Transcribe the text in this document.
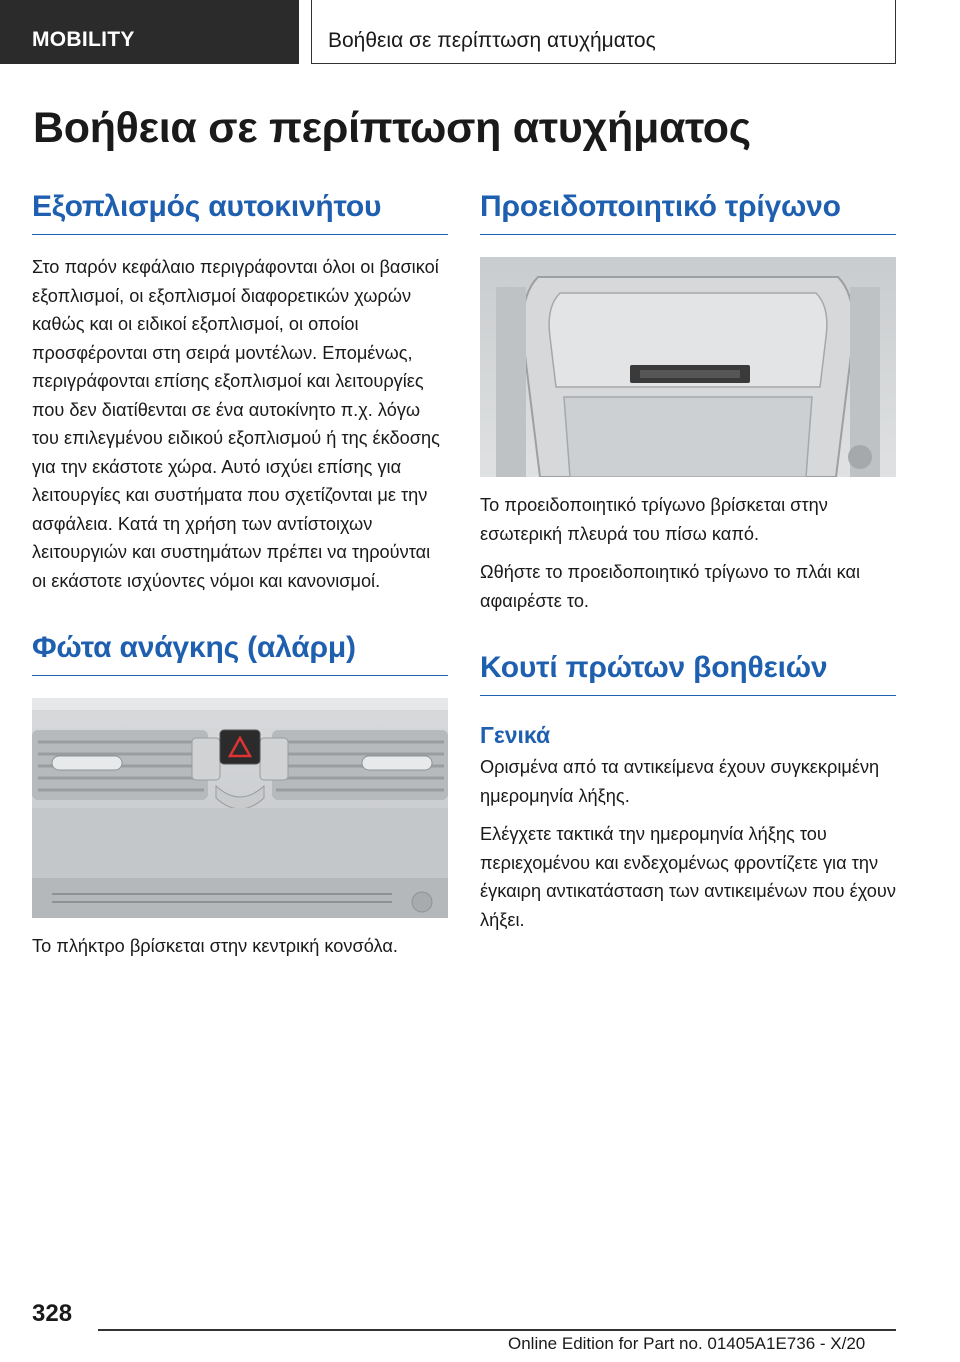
MOBILITY	Βοήθεια σε περίπτωση ατυχήματος
Βοήθεια σε περίπτωση ατυχήματος
Εξοπλισμός αυτοκινήτου

Στο παρόν κεφάλαιο περιγράφονται όλοι οι βασικοί εξοπλισμοί, οι εξοπλισμοί διαφορετικών χωρών καθώς και οι ειδικοί εξοπλισμοί, οι οποίοι προσφέρονται στη σειρά μοντέλων. Επομένως, περιγράφονται επίσης εξοπλισμοί και λειτουργίες που δεν διατίθενται σε ένα αυτοκίνητο π.χ. λόγω του επιλεγμένου ειδικού εξοπλισμού ή της έκδοσης για την εκάστοτε χώρα. Αυτό ισχύει επίσης για λειτουργίες και συστήματα που σχετίζονται με την ασφάλεια. Κατά τη χρήση των αντίστοιχων λειτουργιών και συστημάτων πρέπει να τηρούνται οι εκάστοτε ισχύοντες νόμοι και κανονισμοί.

Φώτα ανάγκης (αλάρμ)

Το πλήκτρο βρίσκεται στην κεντρική κονσόλα.

Προειδοποιητικό τρίγωνο

Το προειδοποιητικό τρίγωνο βρίσκεται στην εσωτερική πλευρά του πίσω καπό.

Ωθήστε το προειδοποιητικό τρίγωνο το πλάι και αφαιρέστε το.

Κουτί πρώτων βοηθειών
Γενικά

Ορισμένα από τα αντικείμενα έχουν συγκεκριμένη ημερομηνία λήξης.

Ελέγχετε τακτικά την ημερομηνία λήξης του περιεχομένου και ενδεχομένως φροντίζετε για την έγκαιρη αντικατάσταση των αντικειμένων που έχουν λήξει.

328
Online Edition for Part no. 01405A1E736 - X/20
